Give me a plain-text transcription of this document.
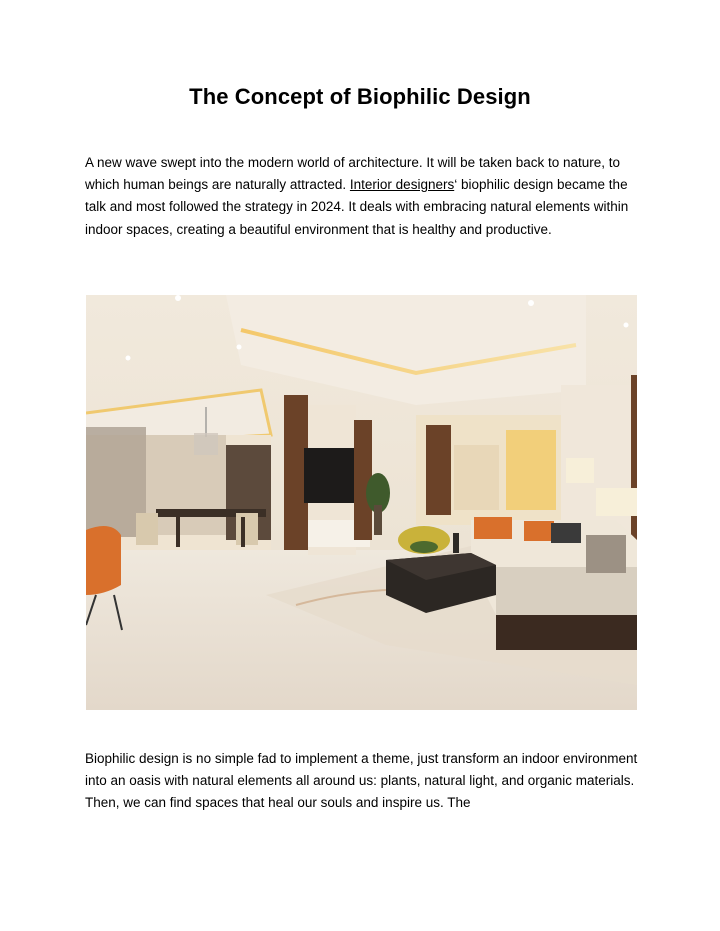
The Concept of Biophilic Design

A new wave swept into the modern world of architecture. It will be taken back to nature, to which human beings are naturally attracted. Interior designers‘ biophilic design became the talk and most followed the strategy in 2024. It deals with embracing natural elements within indoor spaces, creating a beautiful environment that is healthy and productive.

Biophilic design is no simple fad to implement a theme, just transform an indoor environment into an oasis with natural elements all around us: plants, natural light, and organic materials. Then, we can find spaces that heal our souls and inspire us. The
